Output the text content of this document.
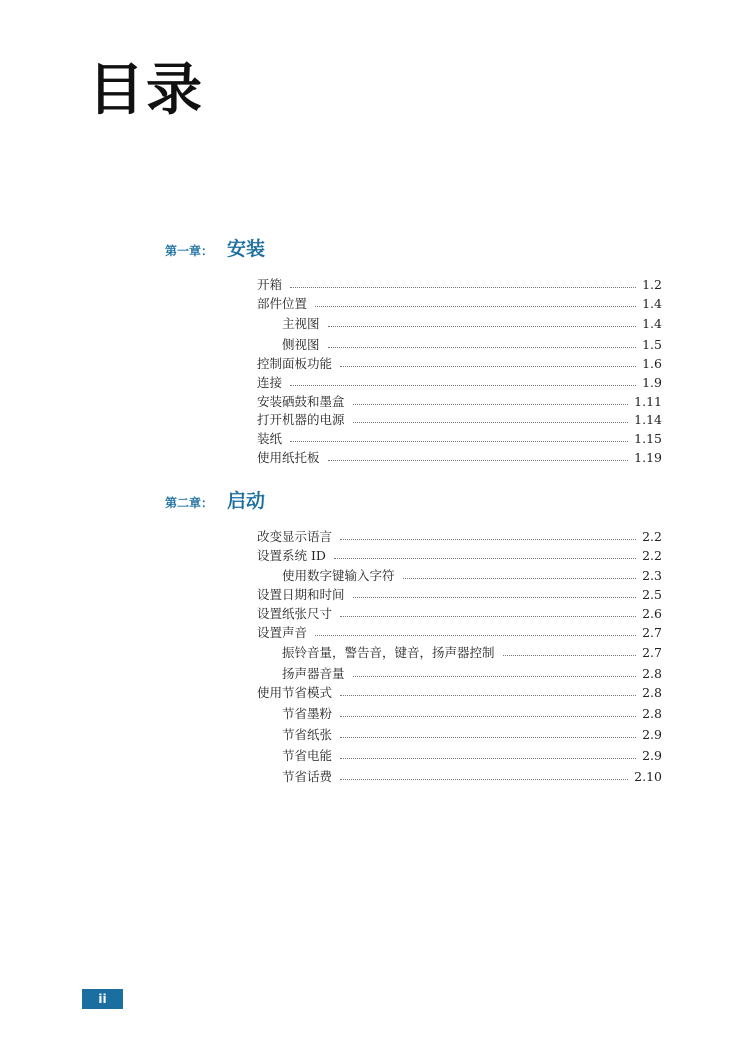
目录
第一章： 安装
开箱	1.2
部件位置	1.4
主视图	1.4
侧视图	1.5
控制面板功能	1.6
连接	1.9
安装硒鼓和墨盒	1.11
打开机器的电源	1.14
装纸	1.15
使用纸托板	1.19
第二章： 启动
改变显示语言	2.2
设置系统 ID	2.2
使用数字键输入字符	2.3
设置日期和时间	2.5
设置纸张尺寸	2.6
设置声音	2.7
振铃音量，警告音，键音，扬声器控制	2.7
扬声器音量	2.8
使用节省模式	2.8
节省墨粉	2.8
节省纸张	2.9
节省电能	2.9
节省话费	2.10
ii
